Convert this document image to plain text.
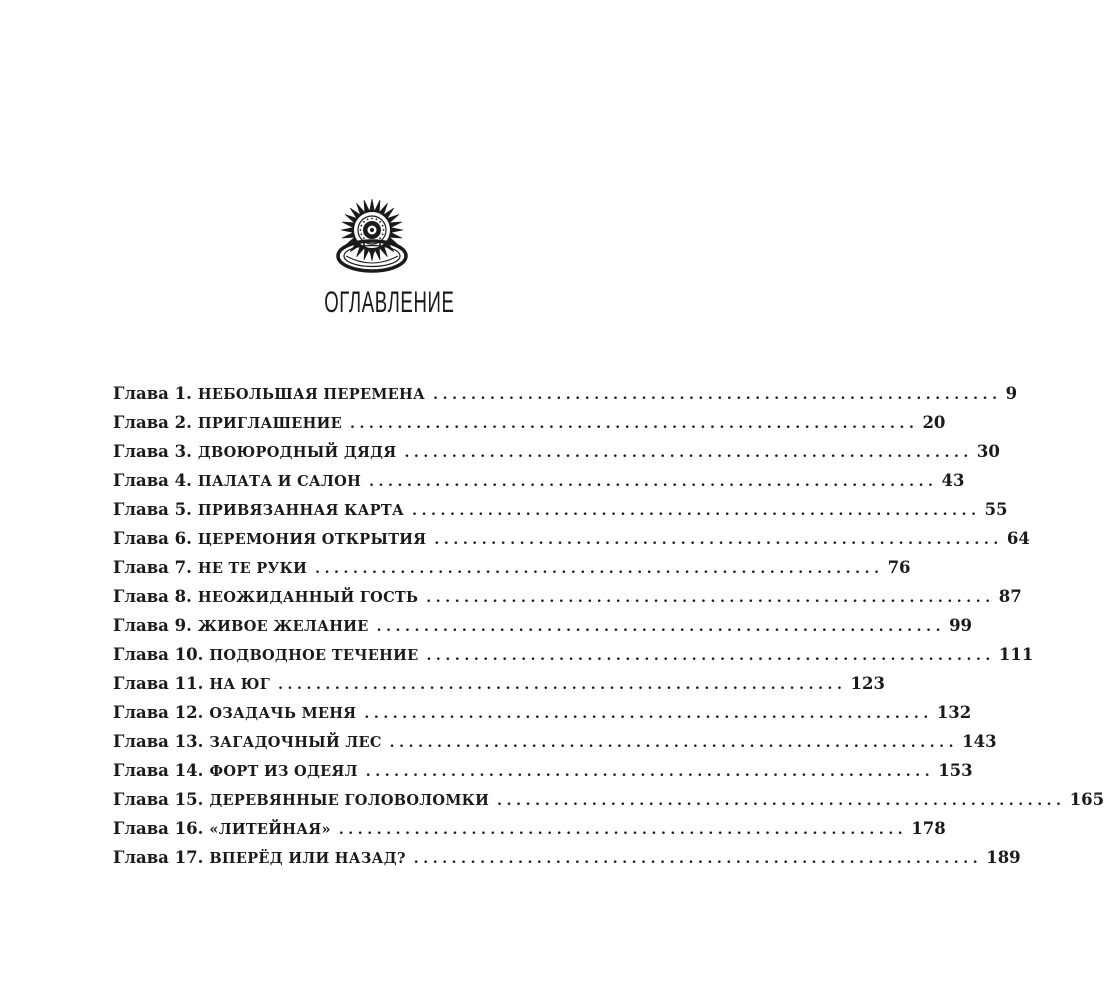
ОГЛАВЛЕНИЕ
Глава 1. НЕБОЛЬШАЯ ПЕРЕМЕНА ............................................................ 9
Глава 2. ПРИГЛАШЕНИЕ ............................................................ 20
Глава 3. ДВОЮРОДНЫЙ ДЯДЯ ............................................................ 30
Глава 4. ПАЛАТА И САЛОН ............................................................ 43
Глава 5. ПРИВЯЗАННАЯ КАРТА ............................................................ 55
Глава 6. ЦЕРЕМОНИЯ ОТКРЫТИЯ ............................................................ 64
Глава 7. НЕ ТЕ РУКИ ............................................................ 76
Глава 8. НЕОЖИДАННЫЙ ГОСТЬ ............................................................ 87
Глава 9. ЖИВОЕ ЖЕЛАНИЕ ............................................................ 99
Глава 10. ПОДВОДНОЕ ТЕЧЕНИЕ ............................................................ 111
Глава 11. НА ЮГ ............................................................ 123
Глава 12. ОЗАДАЧЬ МЕНЯ ............................................................ 132
Глава 13. ЗАГАДОЧНЫЙ ЛЕС ............................................................ 143
Глава 14. ФОРТ ИЗ ОДЕЯЛ ............................................................ 153
Глава 15. ДЕРЕВЯННЫЕ ГОЛОВОЛОМКИ ............................................................ 165
Глава 16. «ЛИТЕЙНАЯ» ............................................................ 178
Глава 17. ВПЕРЁД ИЛИ НАЗАД? ............................................................ 189
